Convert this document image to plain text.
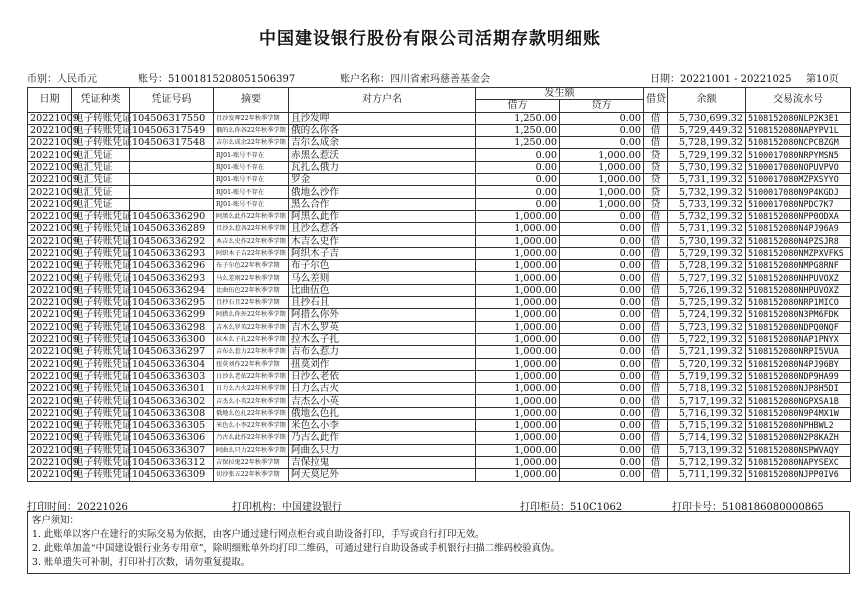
中国建设银行股份有限公司活期存款明细账
币别：人民币元	账号：51001815208051506397	账户名称：四川省索玛慈善基金会	日期：20221001 - 20221025 第10页
日期	凭证种类	凭证号码	摘要	对方户名	发生额		借贷	余额	交易流水号
					借方	贷方			
20221009	电子转账凭证	104506317550	且沙发呷22年秋季学期	且沙发呷	1,250.00	0.00	借	5,730,699.32	5108152080NLP2K3E1
20221009	电子转账凭证	104506317549	俄的么你各22年秋季学期	俄的么你各	1,250.00	0.00	借	5,729,449.32	5108152080NAPYPV1L
20221009	电子转账凭证	104506317548	吉尔么成余22年秋季学期	吉尔么成余	1,250.00	0.00	借	5,728,199.32	5108152080NCPCBZGM
20221009	电汇凭证		RJ01-账号不存在	赤黑么惹沃	0.00	1,000.00	贷	5,729,199.32	5100017080NRPYMSN5
20221009	电汇凭证		RJ01-账号不存在	瓦扎么俄力	0.00	1,000.00	贷	5,730,199.32	5100017080NOPUVPVO
20221009	电汇凭证		RJ01-账号不存在	罗金	0.00	1,000.00	贷	5,731,199.32	5100017080MZPXSYYO
20221009	电汇凭证		RJ01-账号不存在	俄地么沙作	0.00	1,000.00	贷	5,732,199.32	5100017080N9P4KGDJ
20221009	电汇凭证		RJ01-账号不存在	黑么合作	0.00	1,000.00	贷	5,733,199.32	5100017080NPDC7K7
20221009	电子转账凭证	104506336290	阿黑么此作22年秋季学期	阿黑么此作	1,000.00	0.00	借	5,732,199.32	5108152080NPP0ODXA
20221009	电子转账凭证	104506336289	且沙么惹各22年秋季学期	且沙么惹各	1,000.00	0.00	借	5,731,199.32	5108152080N4PJ96A9
20221009	电子转账凭证	104506336292	木吉么史作22年秋季学期	木吉么史作	1,000.00	0.00	借	5,730,199.32	5108152080N4PZSJR8
20221009	电子转账凭证	104506336293	阿织木子吉22年秋季学期	阿织木子吉	1,000.00	0.00	借	5,729,199.32	5108152080NMZPXVFKS
20221009	电子转账凭证	104506336296	布子尔色22年秋季学期	布子尔色	1,000.00	0.00	借	5,728,199.32	5108152080NMPG8RNF
20221009	电子转账凭证	104506336293	马么差则22年秋季学期	马么差则	1,000.00	0.00	借	5,727,199.32	5108152080NHPUVOXZ
20221009	电子转账凭证	104506336294	比曲伍色22年秋季学期	比曲伍色	1,000.00	0.00	借	5,726,199.32	5108152080NHPUVOXZ
20221009	电子转账凭证	104506336295	且抄石且22年秋季学期	且抄石且	1,000.00	0.00	借	5,725,199.32	5108152080NRP1MICO
20221009	电子转账凭证	104506336299	阿措么你外22年秋季学期	阿措么你外	1,000.00	0.00	借	5,724,199.32	5108152080N3PM6FDK
20221009	电子转账凭证	104506336298	吉木么罗英22年秋季学期	吉木么罗英	1,000.00	0.00	借	5,723,199.32	5108152080NDPQ0NQF
20221009	电子转账凭证	104506336300	拉木么子扎22年秋季学期	拉木么子扎	1,000.00	0.00	借	5,722,199.32	5108152080NAP1PNYX
20221009	电子转账凭证	104506336297	吉布么惹力22年秋季学期	吉布么惹力	1,000.00	0.00	借	5,721,199.32	5108152080NRPI5VUA
20221009	电子转账凭证	104506336304	扭莫刘作22年秋季学期	扭莫刘作	1,000.00	0.00	借	5,720,199.32	5108152080N4PJ96BY
20221009	电子转账凭证	104506336303	日沙么老依22年秋季学期	日沙么老依	1,000.00	0.00	借	5,719,199.32	5108152080NDP9HA99
20221009	电子转账凭证	104506336301	日力么古火22年秋季学期	日力么古火	1,000.00	0.00	借	5,718,199.32	5108152080NJP8H5DI
20221009	电子转账凭证	104506336302	吉杰么小英22年秋季学期	吉杰么小英	1,000.00	0.00	借	5,717,199.32	5108152080NGPXSA1B
20221009	电子转账凭证	104506336308	俄地么色扎22年秋季学期	俄地么色扎	1,000.00	0.00	借	5,716,199.32	5108152080N9P4MX1W
20221009	电子转账凭证	104506336305	米色么小李22年秋季学期	米色么小李	1,000.00	0.00	借	5,715,199.32	5108152080NPHBWL2
20221009	电子转账凭证	104506336306	乃古么此作22年秋季学期	乃古么此作	1,000.00	0.00	借	5,714,199.32	5108152080N2P8KAZH
20221009	电子转账凭证	104506336307	阿曲么只力22年秋季学期	阿曲么只力	1,000.00	0.00	借	5,713,199.32	5108152080NSPWVAQY
20221009	电子转账凭证	104506336312	吉保拉鬼22年秋季学期	吉保拉鬼	1,000.00	0.00	借	5,712,199.32	5108152080NAPYSEXC
20221009	电子转账凭证	104506336309	切沙张五22年秋季学期	阿天莫尼外	1,000.00	0.00	借	5,711,199.32	5108152080NJPP0IV6
打印时间：20221026	打印机构：中国建设银行	打印柜员：510C1062	打印卡号：5108186080000865
客户须知：
1. 此账单以客户在建行的实际交易为依据，由客户通过建行网点柜台或自助设备打印，手写或自行打印无效。
2. 此账单加盖“中国建设银行业务专用章”，除明细账单外均打印二维码，可通过建行自助设备或手机银行扫描二维码校验真伪。
3. 账单遗失可补制，打印补打次数，请勿重复提取。
